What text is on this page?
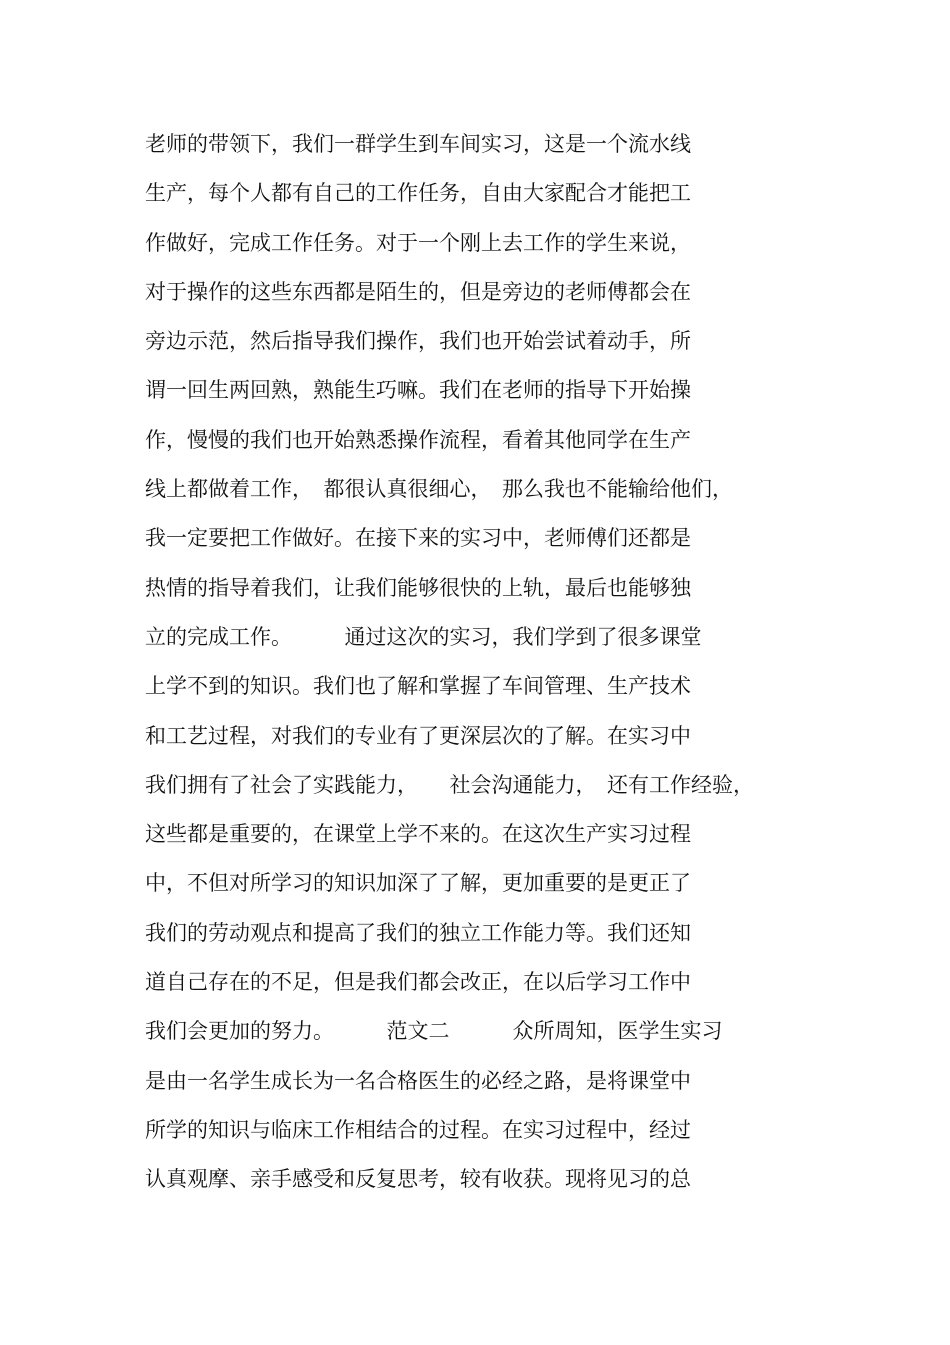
老师的带领下，我们一群学生到车间实习，这是一个流水线
生产，每个人都有自己的工作任务，自由大家配合才能把工
作做好，完成工作任务。对于一个刚上去工作的学生来说，
对于操作的这些东西都是陌生的，但是旁边的老师傅都会在
旁边示范，然后指导我们操作，我们也开始尝试着动手，所
谓一回生两回熟，熟能生巧嘛。我们在老师的指导下开始操
作，慢慢的我们也开始熟悉操作流程，看着其他同学在生产
线上都做着工作，　都很认真很细心，　那么我也不能输给他们，
我一定要把工作做好。在接下来的实习中，老师傅们还都是
热情的指导着我们，让我们能够很快的上轨，最后也能够独
立的完成工作。　　　通过这次的实习，我们学到了很多课堂
上学不到的知识。我们也了解和掌握了车间管理、生产技术
和工艺过程，对我们的专业有了更深层次的了解。在实习中
我们拥有了社会了实践能力，　　社会沟通能力，　还有工作经验，
这些都是重要的，在课堂上学不来的。在这次生产实习过程
中，不但对所学习的知识加深了了解，更加重要的是更正了
我们的劳动观点和提高了我们的独立工作能力等。我们还知
道自己存在的不足，但是我们都会改正，在以后学习工作中
我们会更加的努力。　　　范文二　　　众所周知，医学生实习
是由一名学生成长为一名合格医生的必经之路，是将课堂中
所学的知识与临床工作相结合的过程。在实习过程中，经过
认真观摩、亲手感受和反复思考，较有收获。现将见习的总
